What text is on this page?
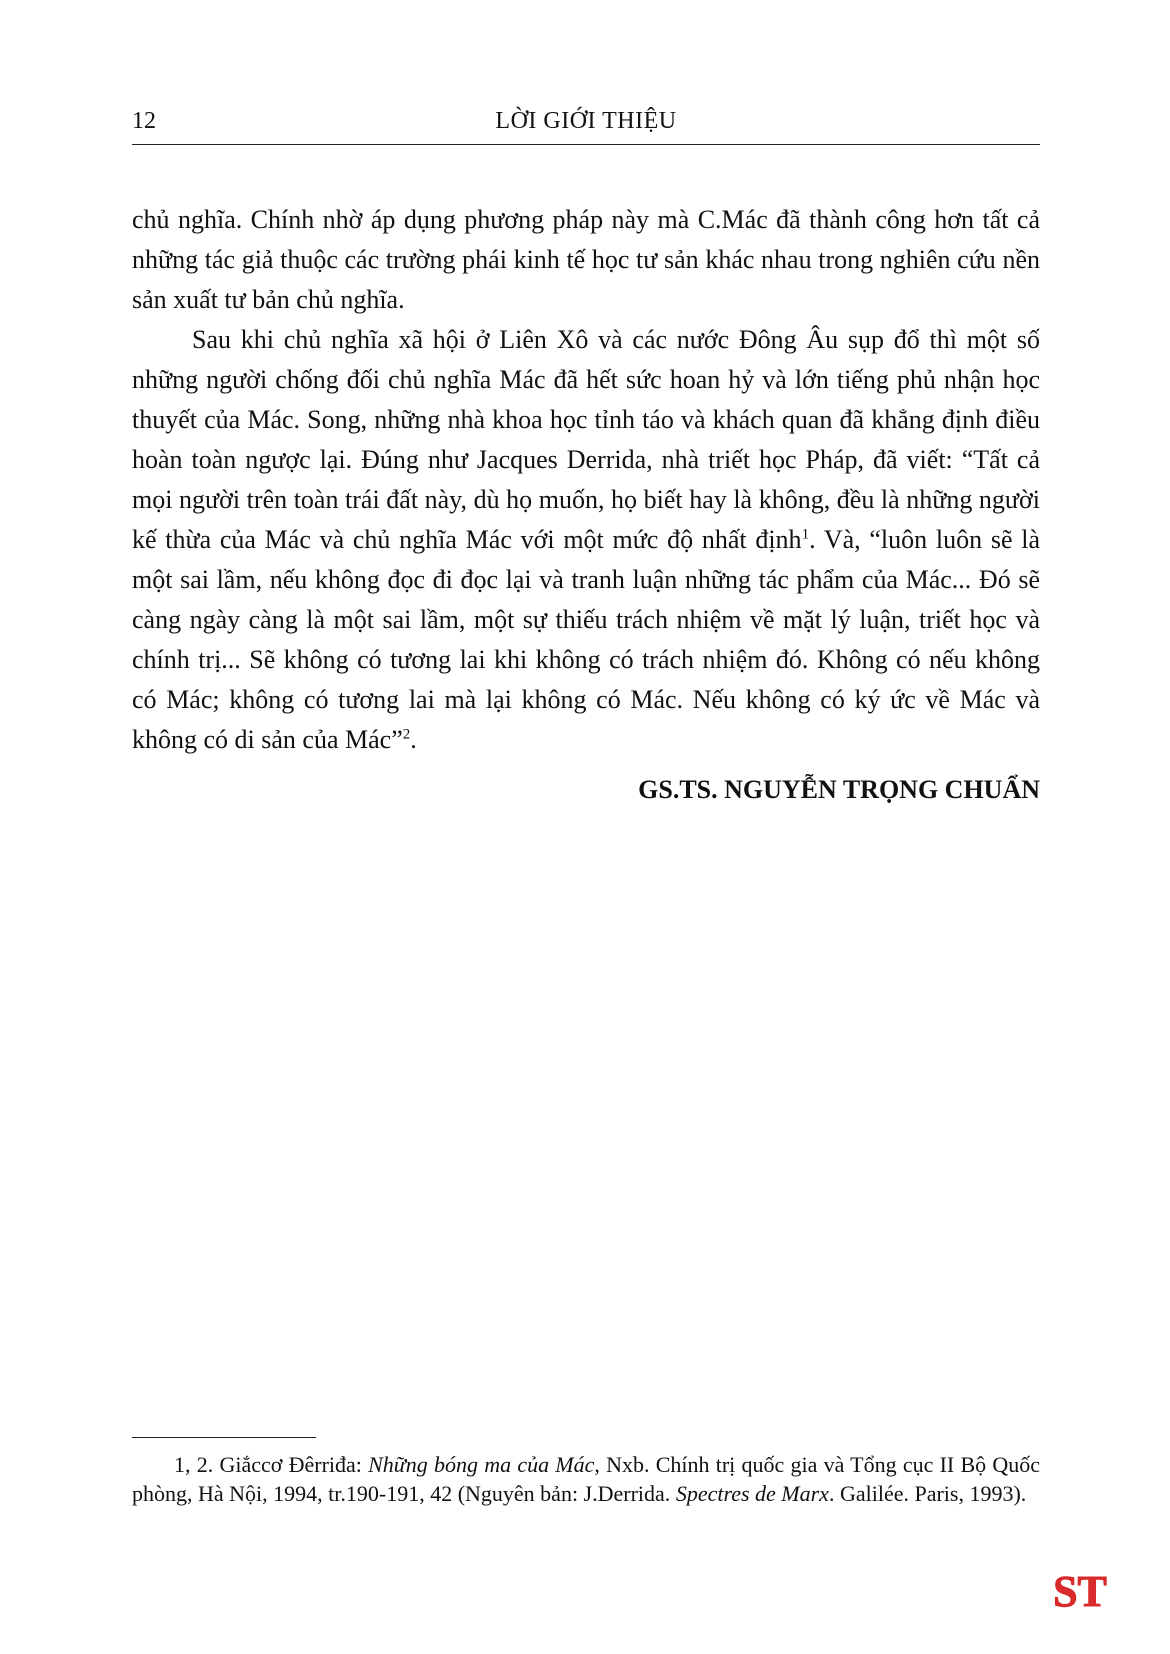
12	LỜI GIỚI THIỆU

chủ nghĩa. Chính nhờ áp dụng phương pháp này mà C.Mác đã thành công hơn tất cả những tác giả thuộc các trường phái kinh tế học tư sản khác nhau trong nghiên cứu nền sản xuất tư bản chủ nghĩa.

Sau khi chủ nghĩa xã hội ở Liên Xô và các nước Đông Âu sụp đổ thì một số những người chống đối chủ nghĩa Mác đã hết sức hoan hỷ và lớn tiếng phủ nhận học thuyết của Mác. Song, những nhà khoa học tỉnh táo và khách quan đã khẳng định điều hoàn toàn ngược lại. Đúng như Jacques Derrida, nhà triết học Pháp, đã viết: “Tất cả mọi người trên toàn trái đất này, dù họ muốn, họ biết hay là không, đều là những người kế thừa của Mác và chủ nghĩa Mác với một mức độ nhất định$^1$. Và, “luôn luôn sẽ là một sai lầm, nếu không đọc đi đọc lại và tranh luận những tác phẩm của Mác... Đó sẽ càng ngày càng là một sai lầm, một sự thiếu trách nhiệm về mặt lý luận, triết học và chính trị... Sẽ không có tương lai khi không có trách nhiệm đó. Không có nếu không có Mác; không có tương lai mà lại không có Mác. Nếu không có ký ức về Mác và không có di sản của Mác”$^2$.

GS.TS. NGUYỄN TRỌNG CHUẨN

1, 2. Giắccơ Đêrriđa: Những bóng ma của Mác, Nxb. Chính trị quốc gia và Tổng cục II Bộ Quốc phòng, Hà Nội, 1994, tr.190-191, 42 (Nguyên bản: J.Derrida. Spectres de Marx. Galilée. Paris, 1993).

ST
